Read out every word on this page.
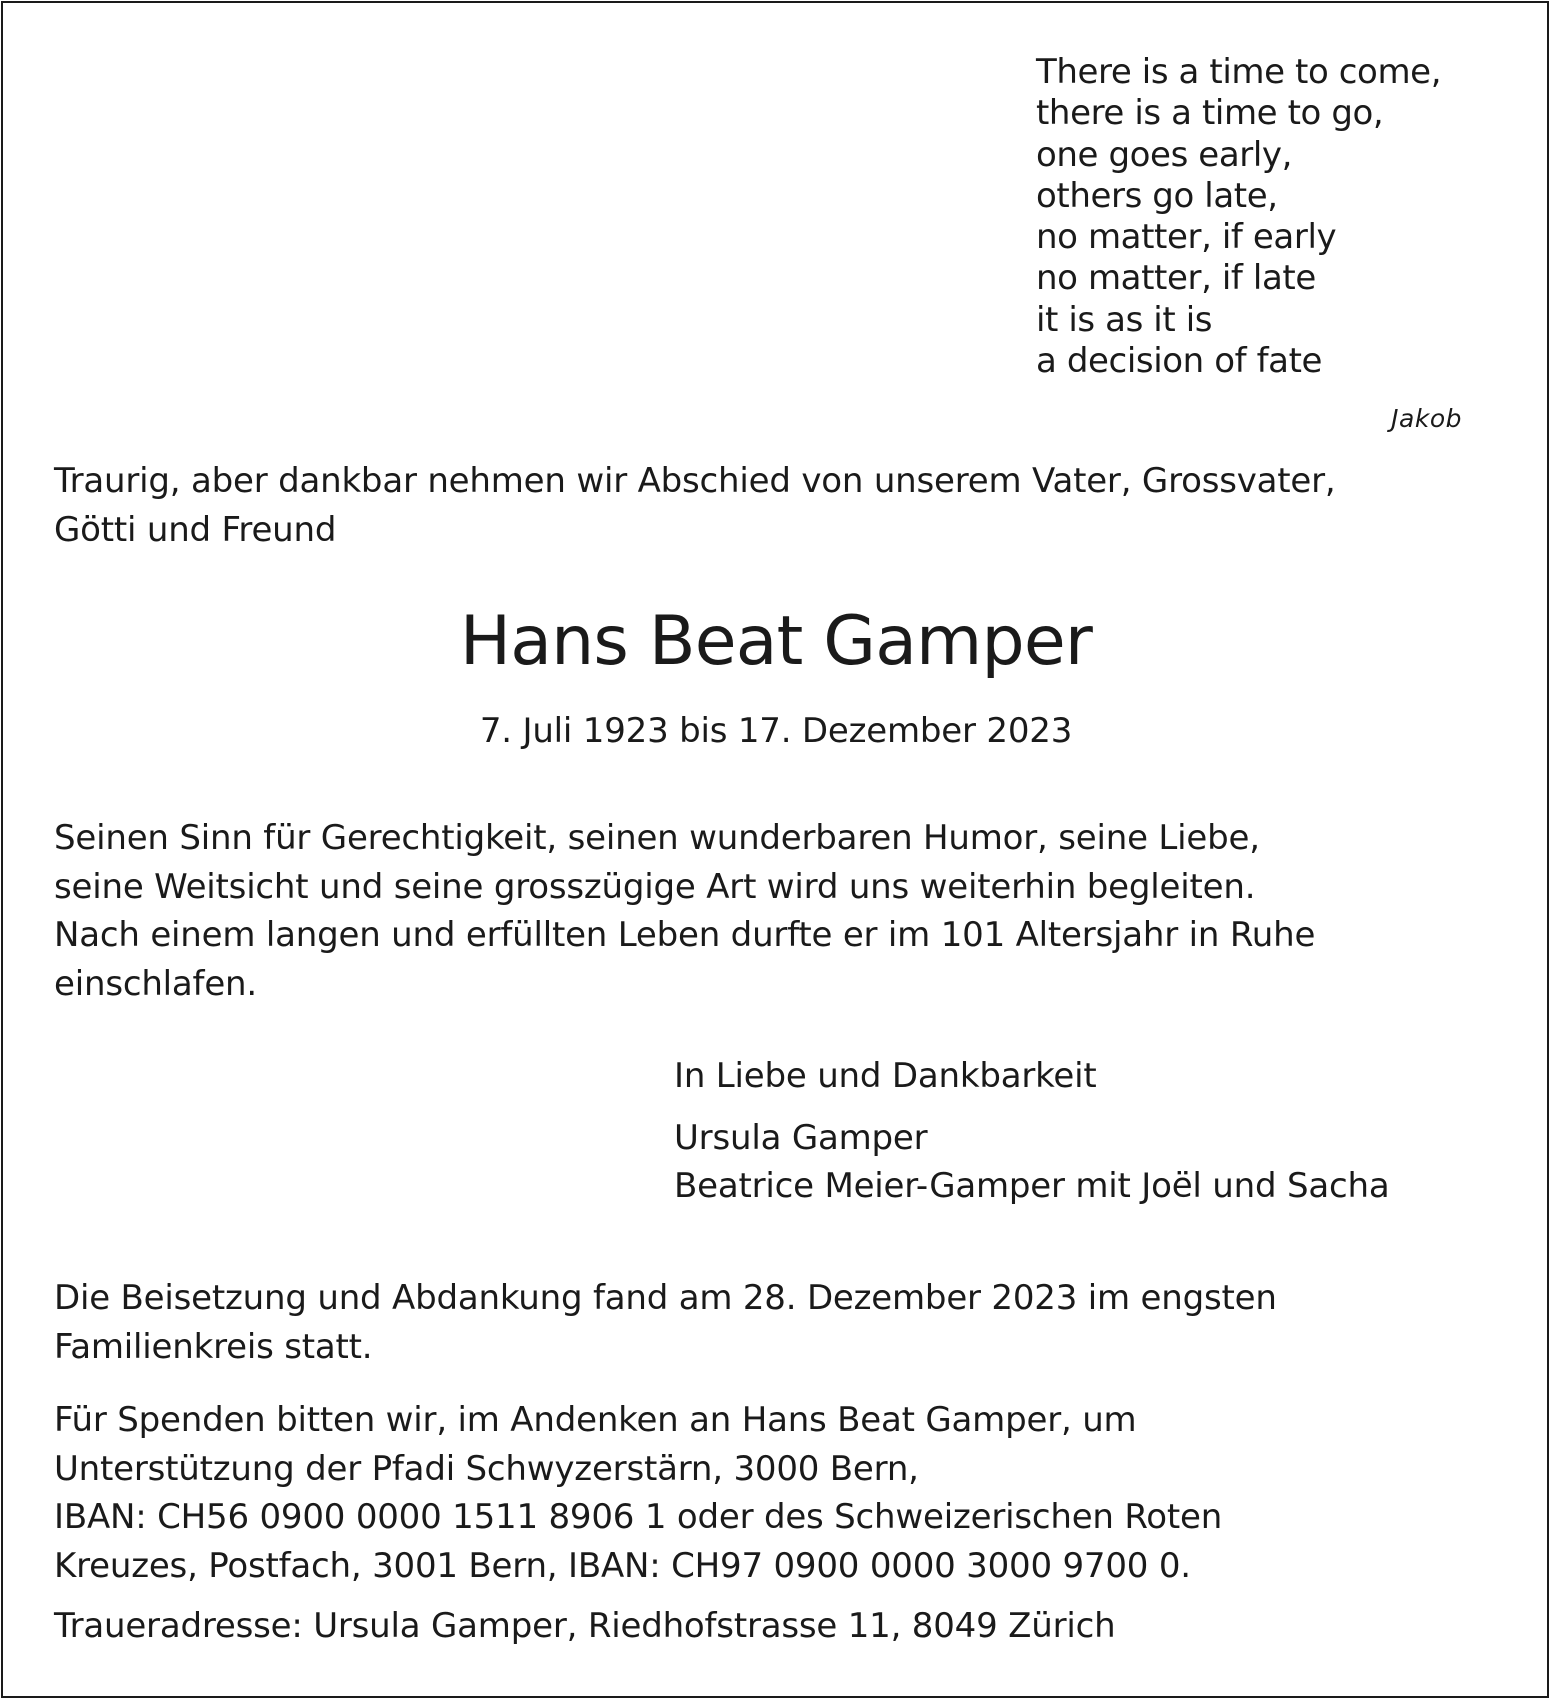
There is a time to come,
there is a time to go,
one goes early,
others go late,
no matter, if early
no matter, if late
it is as it is
a decision of fate
Jakob
Traurig, aber dankbar nehmen wir Abschied von unserem Vater, Grossvater,
Götti und Freund
Hans Beat Gamper
7. Juli 1923 bis 17. Dezember 2023
Seinen Sinn für Gerechtigkeit, seinen wunderbaren Humor, seine Liebe,
seine Weitsicht und seine grosszügige Art wird uns weiterhin begleiten.
Nach einem langen und erfüllten Leben durfte er im 101 Altersjahr in Ruhe
einschlafen.
In Liebe und Dankbarkeit
Ursula Gamper
Beatrice Meier-Gamper mit Joël und Sacha
Die Beisetzung und Abdankung fand am 28. Dezember 2023 im engsten
Familienkreis statt.
Für Spenden bitten wir, im Andenken an Hans Beat Gamper, um
Unterstützung der Pfadi Schwyzerstärn, 3000 Bern,
IBAN: CH56 0900 0000 1511 8906 1 oder des Schweizerischen Roten
Kreuzes, Postfach, 3001 Bern, IBAN: CH97 0900 0000 3000 9700 0.
Traueradresse: Ursula Gamper, Riedhofstrasse 11, 8049 Zürich
